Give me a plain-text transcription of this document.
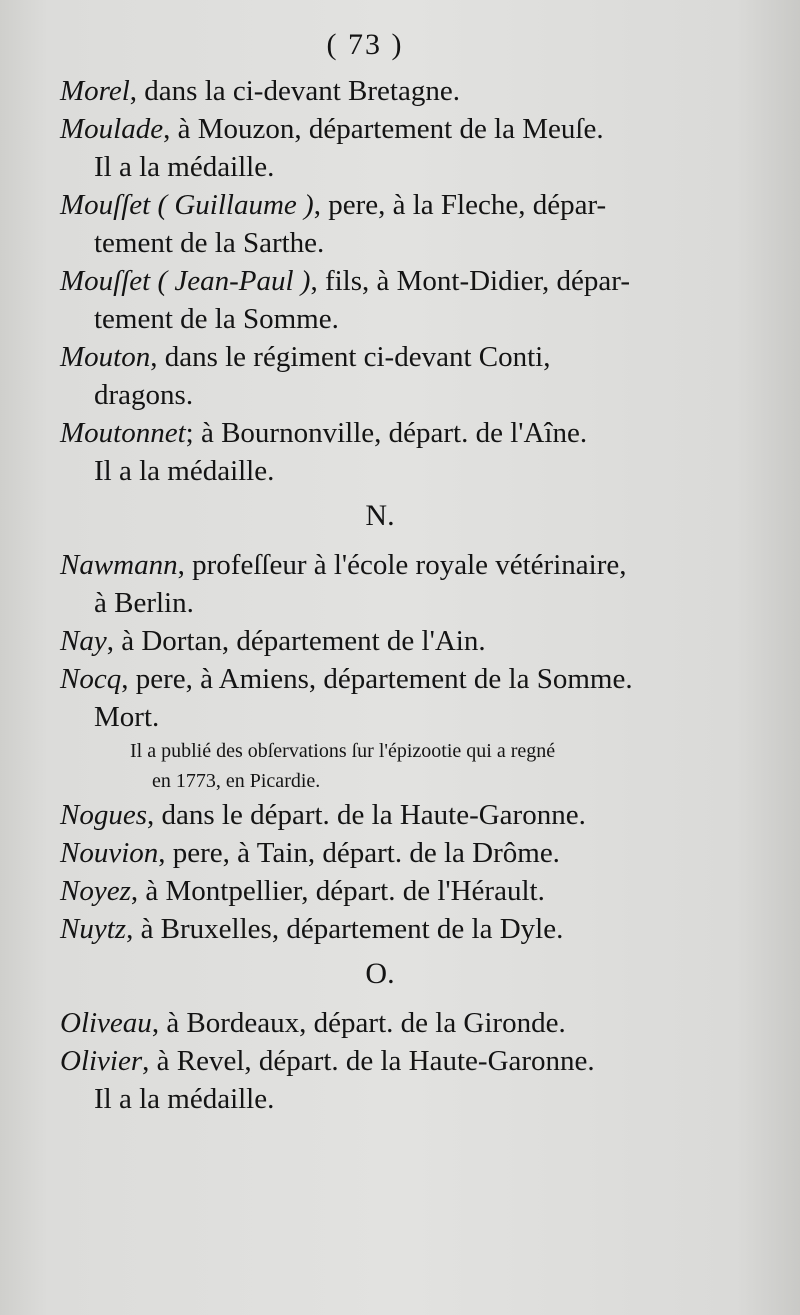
( 73 )
Morel, dans la ci-devant Bretagne.
Moulade, à Mouzon, département de la Meuſe.
Il a la médaille.
Mouſſet ( Guillaume ), pere, à la Fleche, dépar-
tement de la Sarthe.
Mouſſet ( Jean-Paul ), fils, à Mont-Didier, dépar-
tement de la Somme.
Mouton, dans le régiment ci-devant Conti,
dragons.
Moutonnet; à Bournonville, départ. de l'Aîne.
Il a la médaille.
N.
Nawmann, profeſſeur à l'école royale vétérinaire,
à Berlin.
Nay, à Dortan, département de l'Ain.
Nocq, pere, à Amiens, département de la Somme.
Mort.
Il a publié des obſervations ſur l'épizootie qui a regné
en 1773, en Picardie.
Nogues, dans le départ. de la Haute-Garonne.
Nouvion, pere, à Tain, départ. de la Drôme.
Noyez, à Montpellier, départ. de l'Hérault.
Nuytz, à Bruxelles, département de la Dyle.
O.
Oliveau, à Bordeaux, départ. de la Gironde.
Olivier, à Revel, départ. de la Haute-Garonne.
Il a la médaille.
